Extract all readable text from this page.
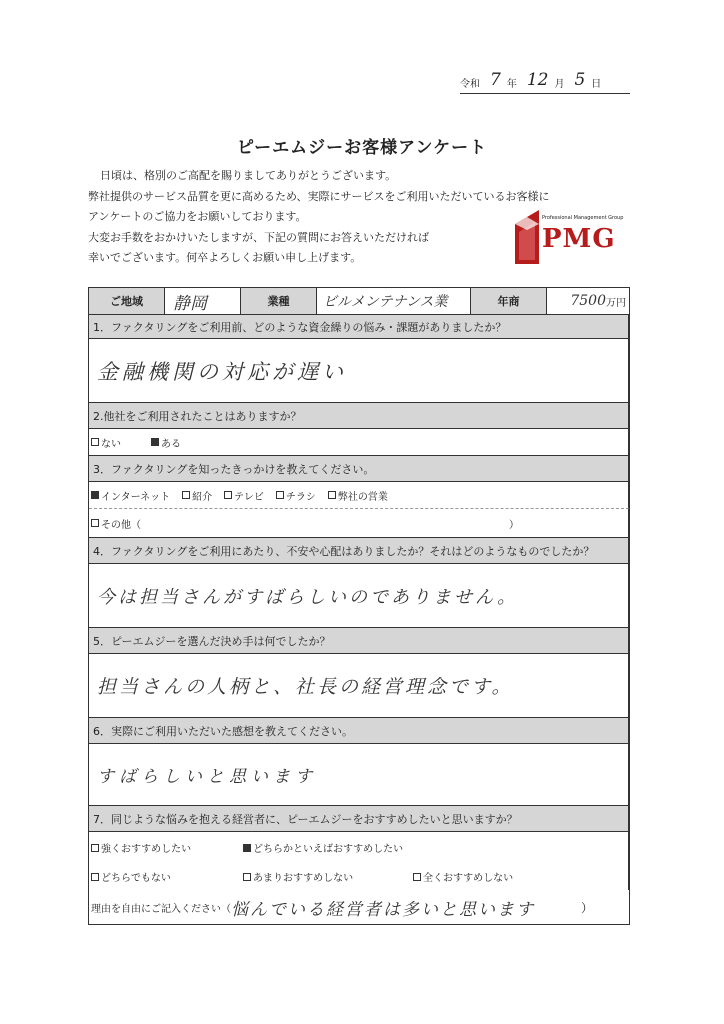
令和 7 年 12 月 5 日
ピーエムジーお客様アンケート

日頃は、格別のご高配を賜りましてありがとうございます。

弊社提供のサービス品質を更に高めるため、実際にサービスをご利用いただいているお客様に

アンケートのご協力をお願いしております。

大変お手数をおかけいたしますが、下記の質問にお答えいただければ

幸いでございます。何卒よろしくお願い申し上げます。

Professional Management Group
PMG
ご地域	静岡	業種	ビルメンテナンス業	年商	7500 万円
1．ファクタリングをご利用前、どのような資金繰りの悩み・課題がありましたか？
金融機関の対応が遅い
2.他社をご利用されたことはありますか？
ない	ある
3．ファクタリングを知ったきっかけを教えてください。
インターネット 紹介 テレビ チラシ 弊社の営業
その他（	）
4．ファクタリングをご利用にあたり、不安や心配はありましたか？それはどのようなものでしたか？
今は担当さんがすばらしいのでありません。
5．ピーエムジーを選んだ決め手は何でしたか？
担当さんの人柄と、社長の経営理念です。
6．実際にご利用いただいた感想を教えてください。
すばらしいと思います
7．同じような悩みを抱える経営者に、ピーエムジーをおすすめしたいと思いますか？
強くおすすめしたい	どちらかといえばおすすめしたい
どちらでもない	あまりおすすめしない	全くおすすめしない
理由を自由にご記入ください（ 悩んでいる経営者は多いと思います	）
